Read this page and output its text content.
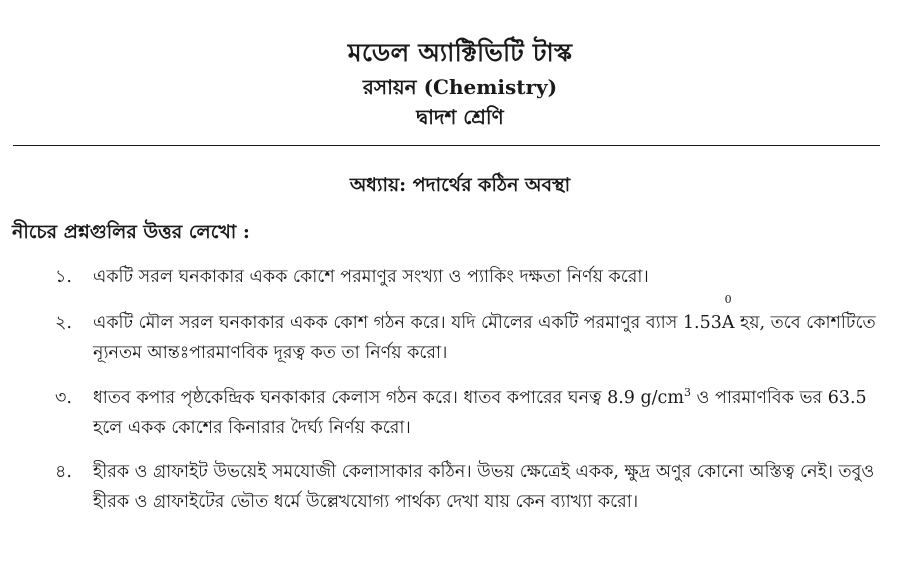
মডেল অ্যাক্টিভিটি টাস্ক
রসায়ন (Chemistry)
দ্বাদশ শ্রেণি
অধ্যায়: পদার্থের কঠিন অবস্থা
নীচের প্রশ্নগুলির উত্তর লেখো :
১.	একটি সরল ঘনকাকার একক কোশে পরমাণুর সংখ্যা ও প্যাকিং দক্ষতা নির্ণয় করো।
২.	একটি মৌল সরল ঘনকাকার একক কোশ গঠন করে। যদি মৌলের একটি পরমাণুর ব্যাস 1.53A
0
হয়, তবে কোশটিতে
ন্যূনতম আন্তঃপারমাণবিক দূরত্ব কত তা নির্ণয় করো।
৩.	ধাতব কপার পৃষ্ঠকেন্দ্রিক ঘনকাকার কেলাস গঠন করে। ধাতব কপারের ঘনত্ব 8.9 $g/cm^3$ ও পারমাণবিক ভর 63.5
হলে একক কোশের কিনারার দৈর্ঘ্য নির্ণয় করো।
৪.	হীরক ও গ্রাফাইট উভয়েই সমযোজী কেলাসাকার কঠিন। উভয় ক্ষেত্রেই একক, ক্ষুদ্র অণুর কোনো অস্তিত্ব নেই। তবুও
হীরক ও গ্রাফাইটের ভৌত ধর্মে উল্লেখযোগ্য পার্থক্য দেখা যায় কেন ব্যাখ্যা করো।
